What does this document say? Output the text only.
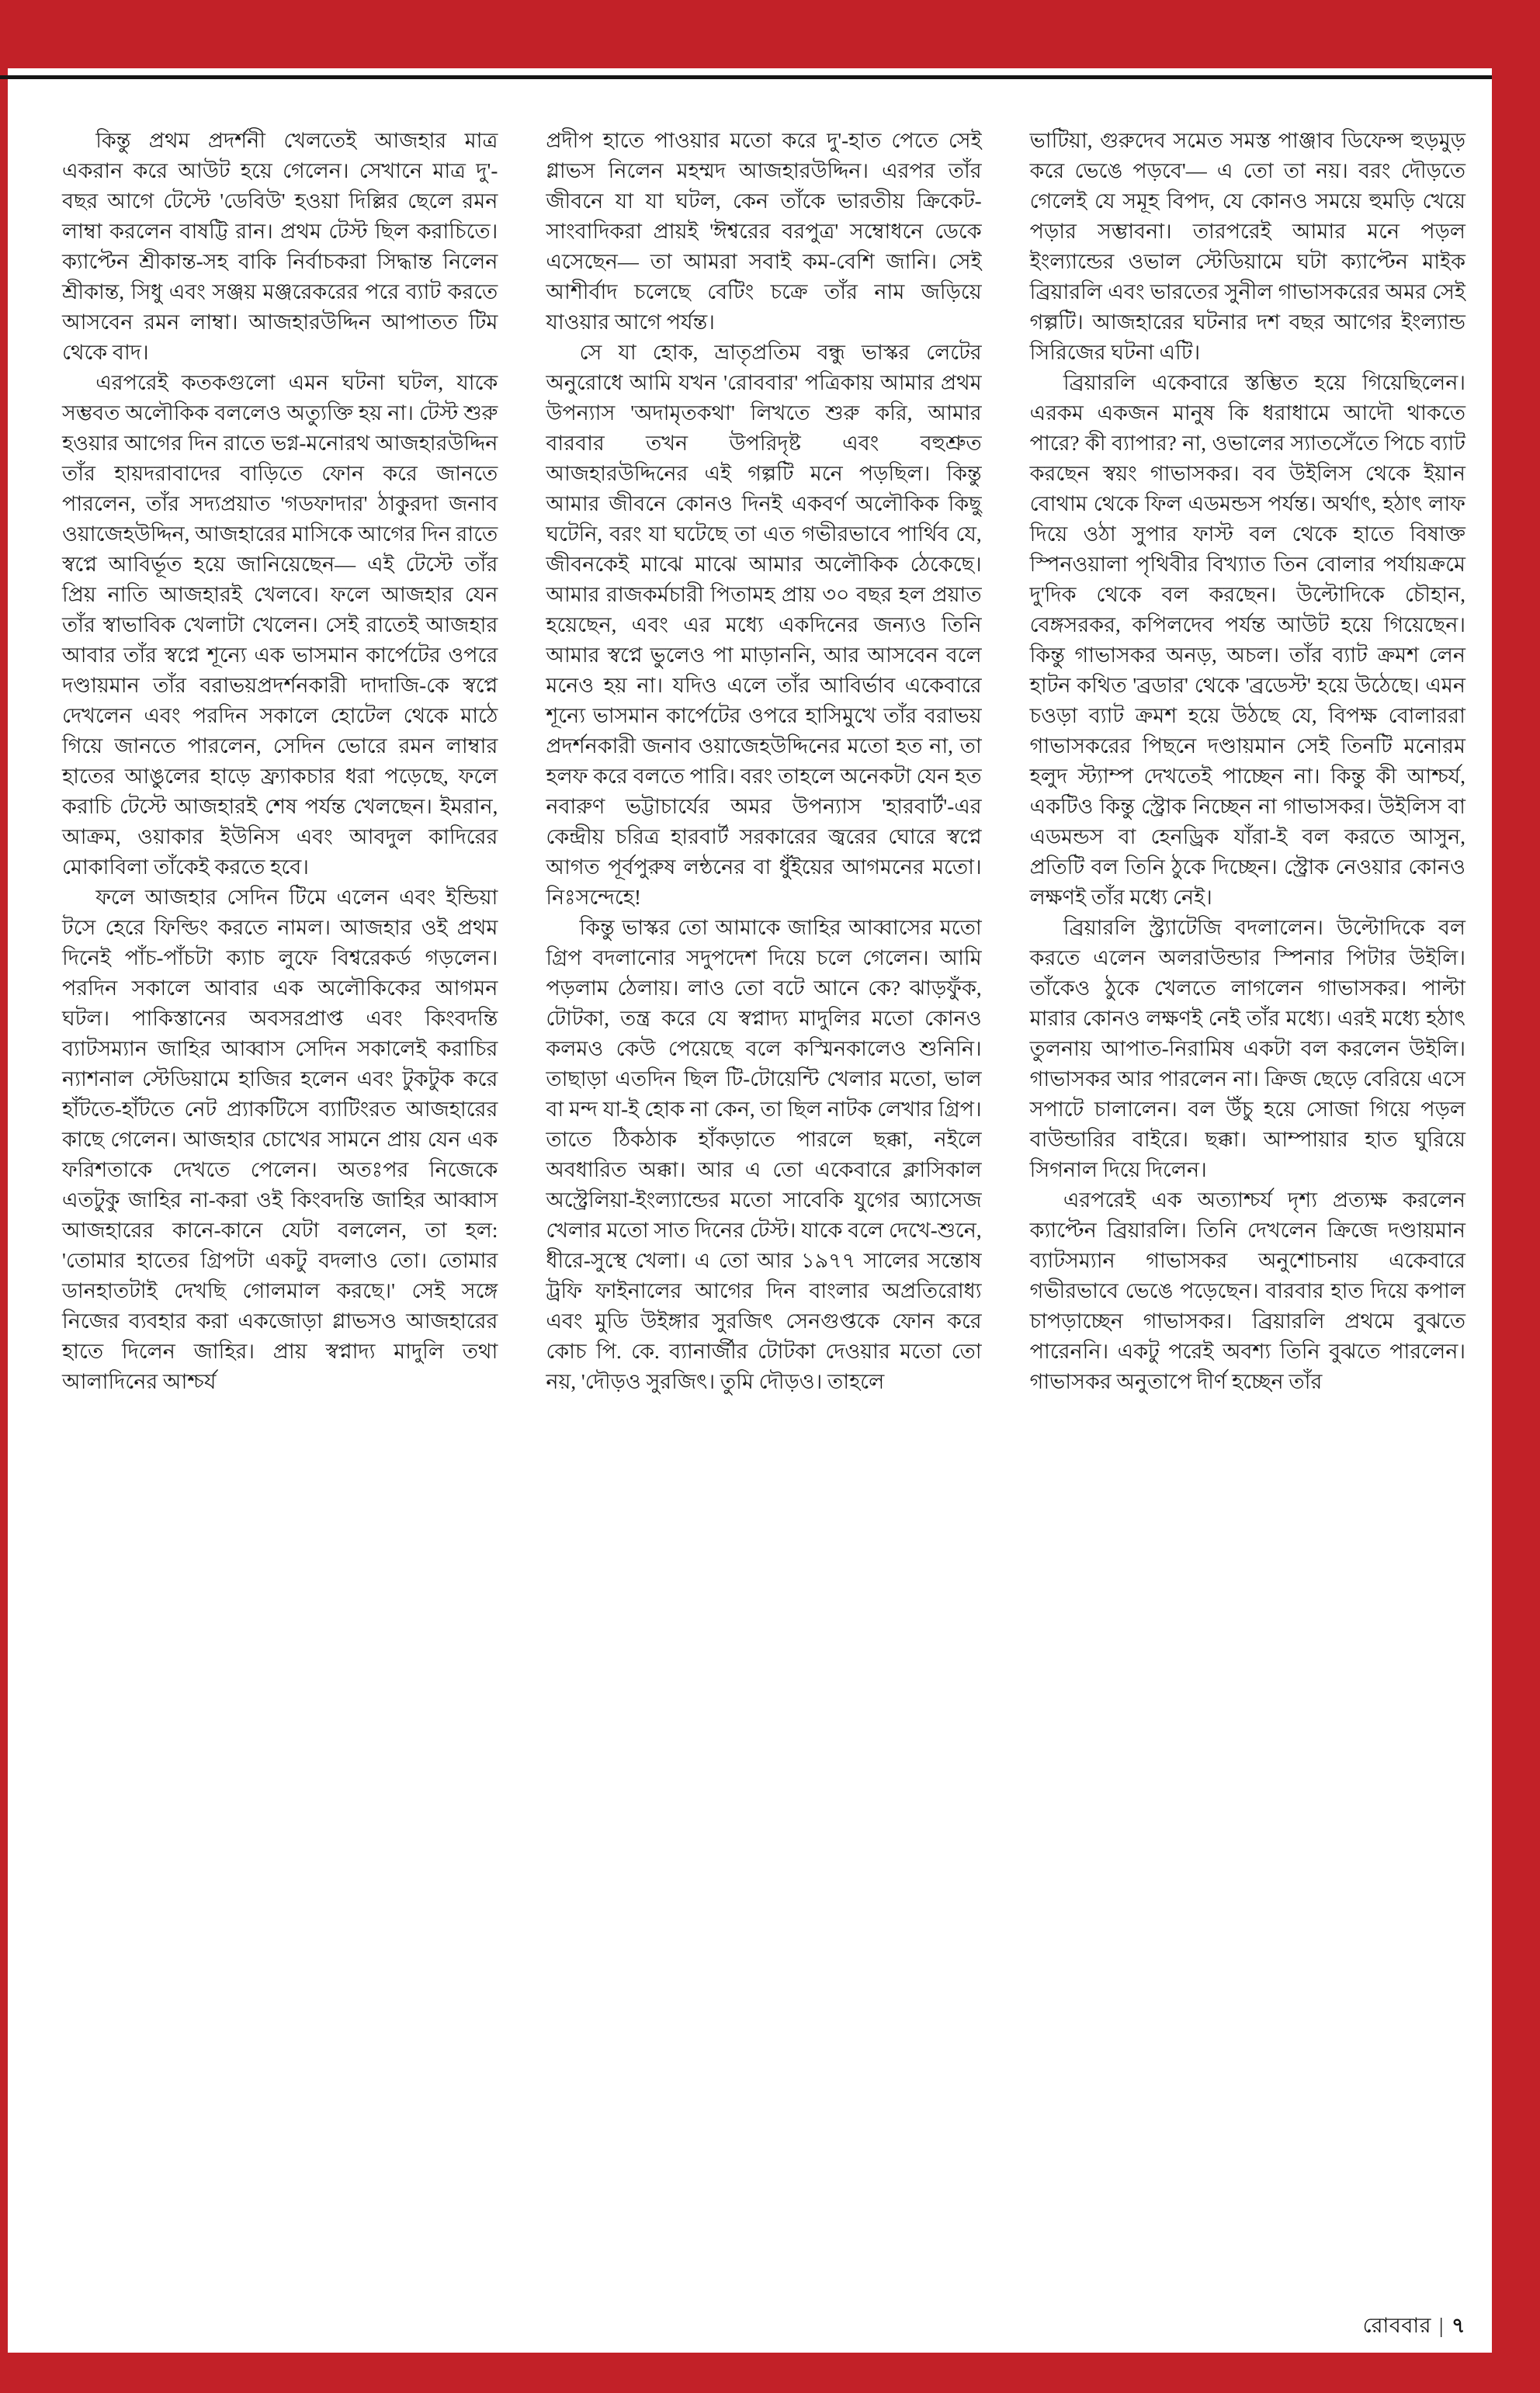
কিন্তু প্রথম প্রদর্শনী খেলতেই আজহার মাত্র একরান করে আউট হয়ে গেলেন। সেখানে মাত্র দু'-বছর আগে টেস্টে 'ডেবিউ' হওয়া দিল্লির ছেলে রমন লাম্বা করলেন বাষট্টি রান। প্রথম টেস্ট ছিল করাচিতে। ক্যাপ্টেন শ্রীকান্ত-সহ বাকি নির্বাচকরা সিদ্ধান্ত নিলেন শ্রীকান্ত, সিধু এবং সঞ্জয় মঞ্জরেকরের পরে ব্যাট করতে আসবেন রমন লাম্বা। আজহারউদ্দিন আপাতত টিম থেকে বাদ।

এরপরেই কতকগুলো এমন ঘটনা ঘটল, যাকে সম্ভবত অলৌকিক বললেও অত্যুক্তি হয় না। টেস্ট শুরু হওয়ার আগের দিন রাতে ভগ্ন-মনোরথ আজহারউদ্দিন তাঁর হায়দরাবাদের বাড়িতে ফোন করে জানতে পারলেন, তাঁর সদ্যপ্রয়াত 'গডফাদার' ঠাকুরদা জনাব ওয়াজেহউদ্দিন, আজহারের মাসিকে আগের দিন রাতে স্বপ্নে আবির্ভূত হয়ে জানিয়েছেন— এই টেস্টে তাঁর প্রিয় নাতি আজহারই খেলবে। ফলে আজহার যেন তাঁর স্বাভাবিক খেলাটা খেলেন। সেই রাতেই আজহার আবার তাঁর স্বপ্নে শূন্যে এক ভাসমান কার্পেটের ওপরে দণ্ডায়মান তাঁর বরাভয়প্রদর্শনকারী দাদাজি-কে স্বপ্নে দেখলেন এবং পরদিন সকালে হোটেল থেকে মাঠে গিয়ে জানতে পারলেন, সেদিন ভোরে রমন লাম্বার হাতের আঙুলের হাড়ে ফ্র্যাকচার ধরা পড়েছে, ফলে করাচি টেস্টে আজহারই শেষ পর্যন্ত খেলছেন। ইমরান, আক্রম, ওয়াকার ইউনিস এবং আবদুল কাদিরের মোকাবিলা তাঁকেই করতে হবে।

ফলে আজহার সেদিন টিমে এলেন এবং ইন্ডিয়া টসে হেরে ফিল্ডিং করতে নামল। আজহার ওই প্রথম দিনেই পাঁচ-পাঁচটা ক্যাচ লুফে বিশ্বরেকর্ড গড়লেন। পরদিন সকালে আবার এক অলৌকিকের আগমন ঘটল। পাকিস্তানের অবসরপ্রাপ্ত এবং কিংবদন্তি ব্যাটসম্যান জাহির আব্বাস সেদিন সকালেই করাচির ন্যাশনাল স্টেডিয়ামে হাজির হলেন এবং টুকটুক করে হাঁটতে-হাঁটতে নেট প্র্যাকটিসে ব্যাটিংরত আজহারের কাছে গেলেন। আজহার চোখের সামনে প্রায় যেন এক ফরিশতাকে দেখতে পেলেন। অতঃপর নিজেকে এতটুকু জাহির না-করা ওই কিংবদন্তি জাহির আব্বাস আজহারের কানে-কানে যেটা বললেন, তা হল: 'তোমার হাতের গ্রিপটা একটু বদলাও তো। তোমার ডানহাতটাই দেখছি গোলমাল করছে।' সেই সঙ্গে নিজের ব্যবহার করা একজোড়া গ্লাভসও আজহারের হাতে দিলেন জাহির। প্রায় স্বপ্নাদ্য মাদুলি তথা আলাদিনের আশ্চর্য

প্রদীপ হাতে পাওয়ার মতো করে দু'-হাত পেতে সেই গ্লাভস নিলেন মহম্মদ আজহারউদ্দিন। এরপর তাঁর জীবনে যা যা ঘটল, কেন তাঁকে ভারতীয় ক্রিকেট-সাংবাদিকরা প্রায়ই 'ঈশ্বরের বরপুত্র' সম্বোধনে ডেকে এসেছেন— তা আমরা সবাই কম-বেশি জানি। সেই আশীর্বাদ চলেছে বেটিং চক্রে তাঁর নাম জড়িয়ে যাওয়ার আগে পর্যন্ত।

সে যা হোক, ভ্রাতৃপ্রতিম বন্ধু ভাস্কর লেটের অনুরোধে আমি যখন 'রোববার' পত্রিকায় আমার প্রথম উপন্যাস 'অদামৃতকথা' লিখতে শুরু করি, আমার বারবার তখন উপরিদৃষ্ট এবং বহুশ্রুত আজহারউদ্দিনের এই গল্পটি মনে পড়ছিল। কিন্তু আমার জীবনে কোনও দিনই একবর্ণ অলৌকিক কিছু ঘটেনি, বরং যা ঘটেছে তা এত গভীরভাবে পার্থিব যে, জীবনকেই মাঝে মাঝে আমার অলৌকিক ঠেকেছে। আমার রাজকর্মচারী পিতামহ প্রায় ৩০ বছর হল প্রয়াত হয়েছেন, এবং এর মধ্যে একদিনের জন্যও তিনি আমার স্বপ্নে ভুলেও পা মাড়াননি, আর আসবেন বলে মনেও হয় না। যদিও এলে তাঁর আবির্ভাব একেবারে শূন্যে ভাসমান কার্পেটের ওপরে হাসিমুখে তাঁর বরাভয় প্রদর্শনকারী জনাব ওয়াজেহউদ্দিনের মতো হত না, তা হলফ করে বলতে পারি। বরং তাহলে অনেকটা যেন হত নবারুণ ভট্টাচার্যের অমর উপন্যাস 'হারবার্ট'-এর কেন্দ্রীয় চরিত্র হারবার্ট সরকারের জ্বরের ঘোরে স্বপ্নে আগত পূর্বপুরুষ লন্ঠনের বা ধুঁইয়ের আগমনের মতো। নিঃসন্দেহে!

কিন্তু ভাস্কর তো আমাকে জাহির আব্বাসের মতো গ্রিপ বদলানোর সদুপদেশ দিয়ে চলে গেলেন। আমি পড়লাম ঠেলায়। লাও তো বটে আনে কে? ঝাড়ফুঁক, টোটকা, তন্ত্র করে যে স্বপ্নাদ্য মাদুলির মতো কোনও কলমও কেউ পেয়েছে বলে কস্মিনকালেও শুনিনি। তাছাড়া এতদিন ছিল টি-টোয়েন্টি খেলার মতো, ভাল বা মন্দ যা-ই হোক না কেন, তা ছিল নাটক লেখার গ্রিপ। তাতে ঠিকঠাক হাঁকড়াতে পারলে ছক্কা, নইলে অবধারিত অক্কা। আর এ তো একেবারে ক্লাসিকাল অস্ট্রেলিয়া-ইংল্যান্ডের মতো সাবেকি যুগের অ্যাসেজ খেলার মতো সাত দিনের টেস্ট। যাকে বলে দেখে-শুনে, ধীরে-সুস্থে খেলা। এ তো আর ১৯৭৭ সালের সন্তোষ ট্রফি ফাইনালের আগের দিন বাংলার অপ্রতিরোধ্য এবং মুডি উইঙ্গার সুরজিৎ সেনগুপ্তকে ফোন করে কোচ পি. কে. ব্যানার্জীর টোটকা দেওয়ার মতো তো নয়, 'দৌড়ও সুরজিৎ। তুমি দৌড়ও। তাহলে

ভাটিয়া, গুরুদেব সমেত সমস্ত পাঞ্জাব ডিফেন্স হুড়মুড় করে ভেঙে পড়বে'— এ তো তা নয়। বরং দৌড়তে গেলেই যে সমূহ বিপদ, যে কোনও সময়ে হুমড়ি খেয়ে পড়ার সম্ভাবনা। তারপরেই আমার মনে পড়ল ইংল্যান্ডের ওভাল স্টেডিয়ামে ঘটা ক্যাপ্টেন মাইক ব্রিয়ারলি এবং ভারতের সুনীল গাভাসকরের অমর সেই গল্পটি। আজহারের ঘটনার দশ বছর আগের ইংল্যান্ড সিরিজের ঘটনা এটি।

ব্রিয়ারলি একেবারে স্তম্ভিত হয়ে গিয়েছিলেন। এরকম একজন মানুষ কি ধরাধামে আদৌ থাকতে পারে? কী ব্যাপার? না, ওভালের স্যাতসেঁতে পিচে ব্যাট করছেন স্বয়ং গাভাসকর। বব উইলিস থেকে ইয়ান বোথাম থেকে ফিল এডমন্ডস পর্যন্ত। অর্থাৎ, হঠাৎ লাফ দিয়ে ওঠা সুপার ফাস্ট বল থেকে হাতে বিষাক্ত স্পিনওয়ালা পৃথিবীর বিখ্যাত তিন বোলার পর্যায়ক্রমে দু'দিক থেকে বল করছেন। উল্টোদিকে চৌহান, বেঙ্গসরকর, কপিলদেব পর্যন্ত আউট হয়ে গিয়েছেন। কিন্তু গাভাসকর অনড়, অচল। তাঁর ব্যাট ক্রমশ লেন হাটন কথিত 'ব্রডার' থেকে 'ব্রডেস্ট' হয়ে উঠেছে। এমন চওড়া ব্যাট ক্রমশ হয়ে উঠছে যে, বিপক্ষ বোলাররা গাভাসকরের পিছনে দণ্ডায়মান সেই তিনটি মনোরম হলুদ স্ট্যাম্প দেখতেই পাচ্ছেন না। কিন্তু কী আশ্চর্য, একটিও কিন্তু স্ট্রোক নিচ্ছেন না গাভাসকর। উইলিস বা এডমন্ডস বা হেনড্রিক যাঁরা-ই বল করতে আসুন, প্রতিটি বল তিনি ঠুকে দিচ্ছেন। স্ট্রোক নেওয়ার কোনও লক্ষণই তাঁর মধ্যে নেই।

ব্রিয়ারলি স্ট্র্যাটেজি বদলালেন। উল্টোদিকে বল করতে এলেন অলরাউন্ডার স্পিনার পিটার উইলি। তাঁকেও ঠুকে খেলতে লাগলেন গাভাসকর। পাল্টা মারার কোনও লক্ষণই নেই তাঁর মধ্যে। এরই মধ্যে হঠাৎ তুলনায় আপাত-নিরামিষ একটা বল করলেন উইলি। গাভাসকর আর পারলেন না। ক্রিজ ছেড়ে বেরিয়ে এসে সপাটে চালালেন। বল উঁচু হয়ে সোজা গিয়ে পড়ল বাউন্ডারির বাইরে। ছক্কা। আম্পায়ার হাত ঘুরিয়ে সিগনাল দিয়ে দিলেন।

এরপরেই এক অত্যাশ্চর্য দৃশ্য প্রত্যক্ষ করলেন ক্যাপ্টেন ব্রিয়ারলি। তিনি দেখলেন ক্রিজে দণ্ডায়মান ব্যাটসম্যান গাভাসকর অনুশোচনায় একেবারে গভীরভাবে ভেঙে পড়েছেন। বারবার হাত দিয়ে কপাল চাপড়াচ্ছেন গাভাসকর। ব্রিয়ারলি প্রথমে বুঝতে পারেননি। একটু পরেই অবশ্য তিনি বুঝতে পারলেন। গাভাসকর অনুতাপে দীর্ণ হচ্ছেন তাঁর

রোববার | ৭
